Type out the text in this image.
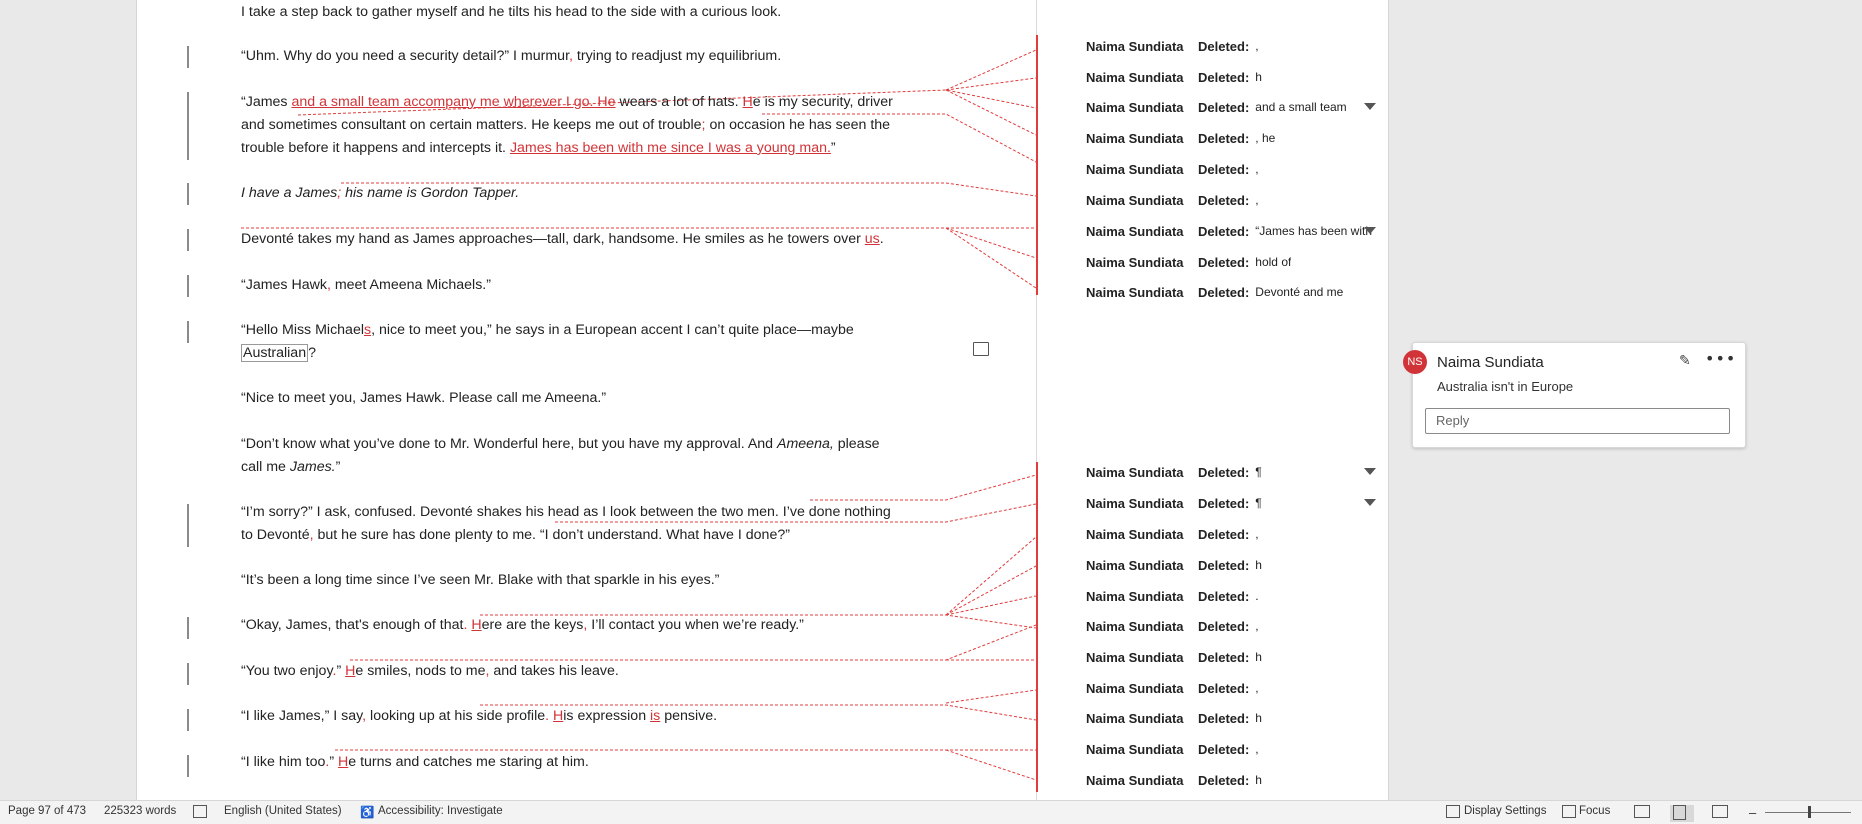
I take a step back to gather myself and he tilts his head to the side with a curious look.
“Uhm. Why do you need a security detail?” I murmur, trying to readjust my equilibrium.
“James and a small team accompany me wherever I go. He wears a lot of hats. He is my security, driver
and sometimes consultant on certain matters. He keeps me out of trouble; on occasion he has seen the
trouble before it happens and intercepts it. James has been with me since I was a young man.”
I have a James; his name is Gordon Tapper.
Devonté takes my hand as James approaches—tall, dark, handsome. He smiles as he towers over us.
“James Hawk, meet Ameena Michaels.”
“Hello Miss Michaels, nice to meet you,” he says in a European accent I can’t quite place—maybe
Australian ?
“Nice to meet you, James Hawk. Please call me Ameena.”
“Don’t know what you’ve done to Mr. Wonderful here, but you have my approval. And Ameena, please
call me James.”
“I’m sorry?” I ask, confused. Devonté shakes his head as I look between the two men. I’ve done nothing
to Devonté, but he sure has done plenty to me. “I don’t understand. What have I done?”
“It’s been a long time since I’ve seen Mr. Blake with that sparkle in his eyes.”
“Okay, James, that's enough of that. Here are the keys, I’ll contact you when we’re ready.”
“You two enjoy.” He smiles, nods to me, and takes his leave.
“I like James,” I say, looking up at his side profile. His expression is pensive.
“I like him too.” He turns and catches me staring at him.
Naima Sundiata	Deleted: ,
Naima Sundiata	Deleted: h
Naima Sundiata	Deleted: and a small team
Naima Sundiata	Deleted: , he
Naima Sundiata	Deleted: ,
Naima Sundiata	Deleted: ,
Naima Sundiata	Deleted: “James has been with
Naima Sundiata	Deleted: hold of
Naima Sundiata	Deleted: Devonté and me
Naima Sundiata	Deleted: ¶
Naima Sundiata	Deleted: ¶
Naima Sundiata	Deleted: ,
Naima Sundiata	Deleted: h
Naima Sundiata	Deleted: .
Naima Sundiata	Deleted: ,
Naima Sundiata	Deleted: h
Naima Sundiata	Deleted: ,
Naima Sundiata	Deleted: h
Naima Sundiata	Deleted: ,
Naima Sundiata	Deleted: h
Naima Sundiata	✎ •••
Australia isn't in Europe
Reply
NS
Page 97 of 473 225323 words	English (United States) ♿ Accessibility: Investigate	Display Settings	Focus	–
